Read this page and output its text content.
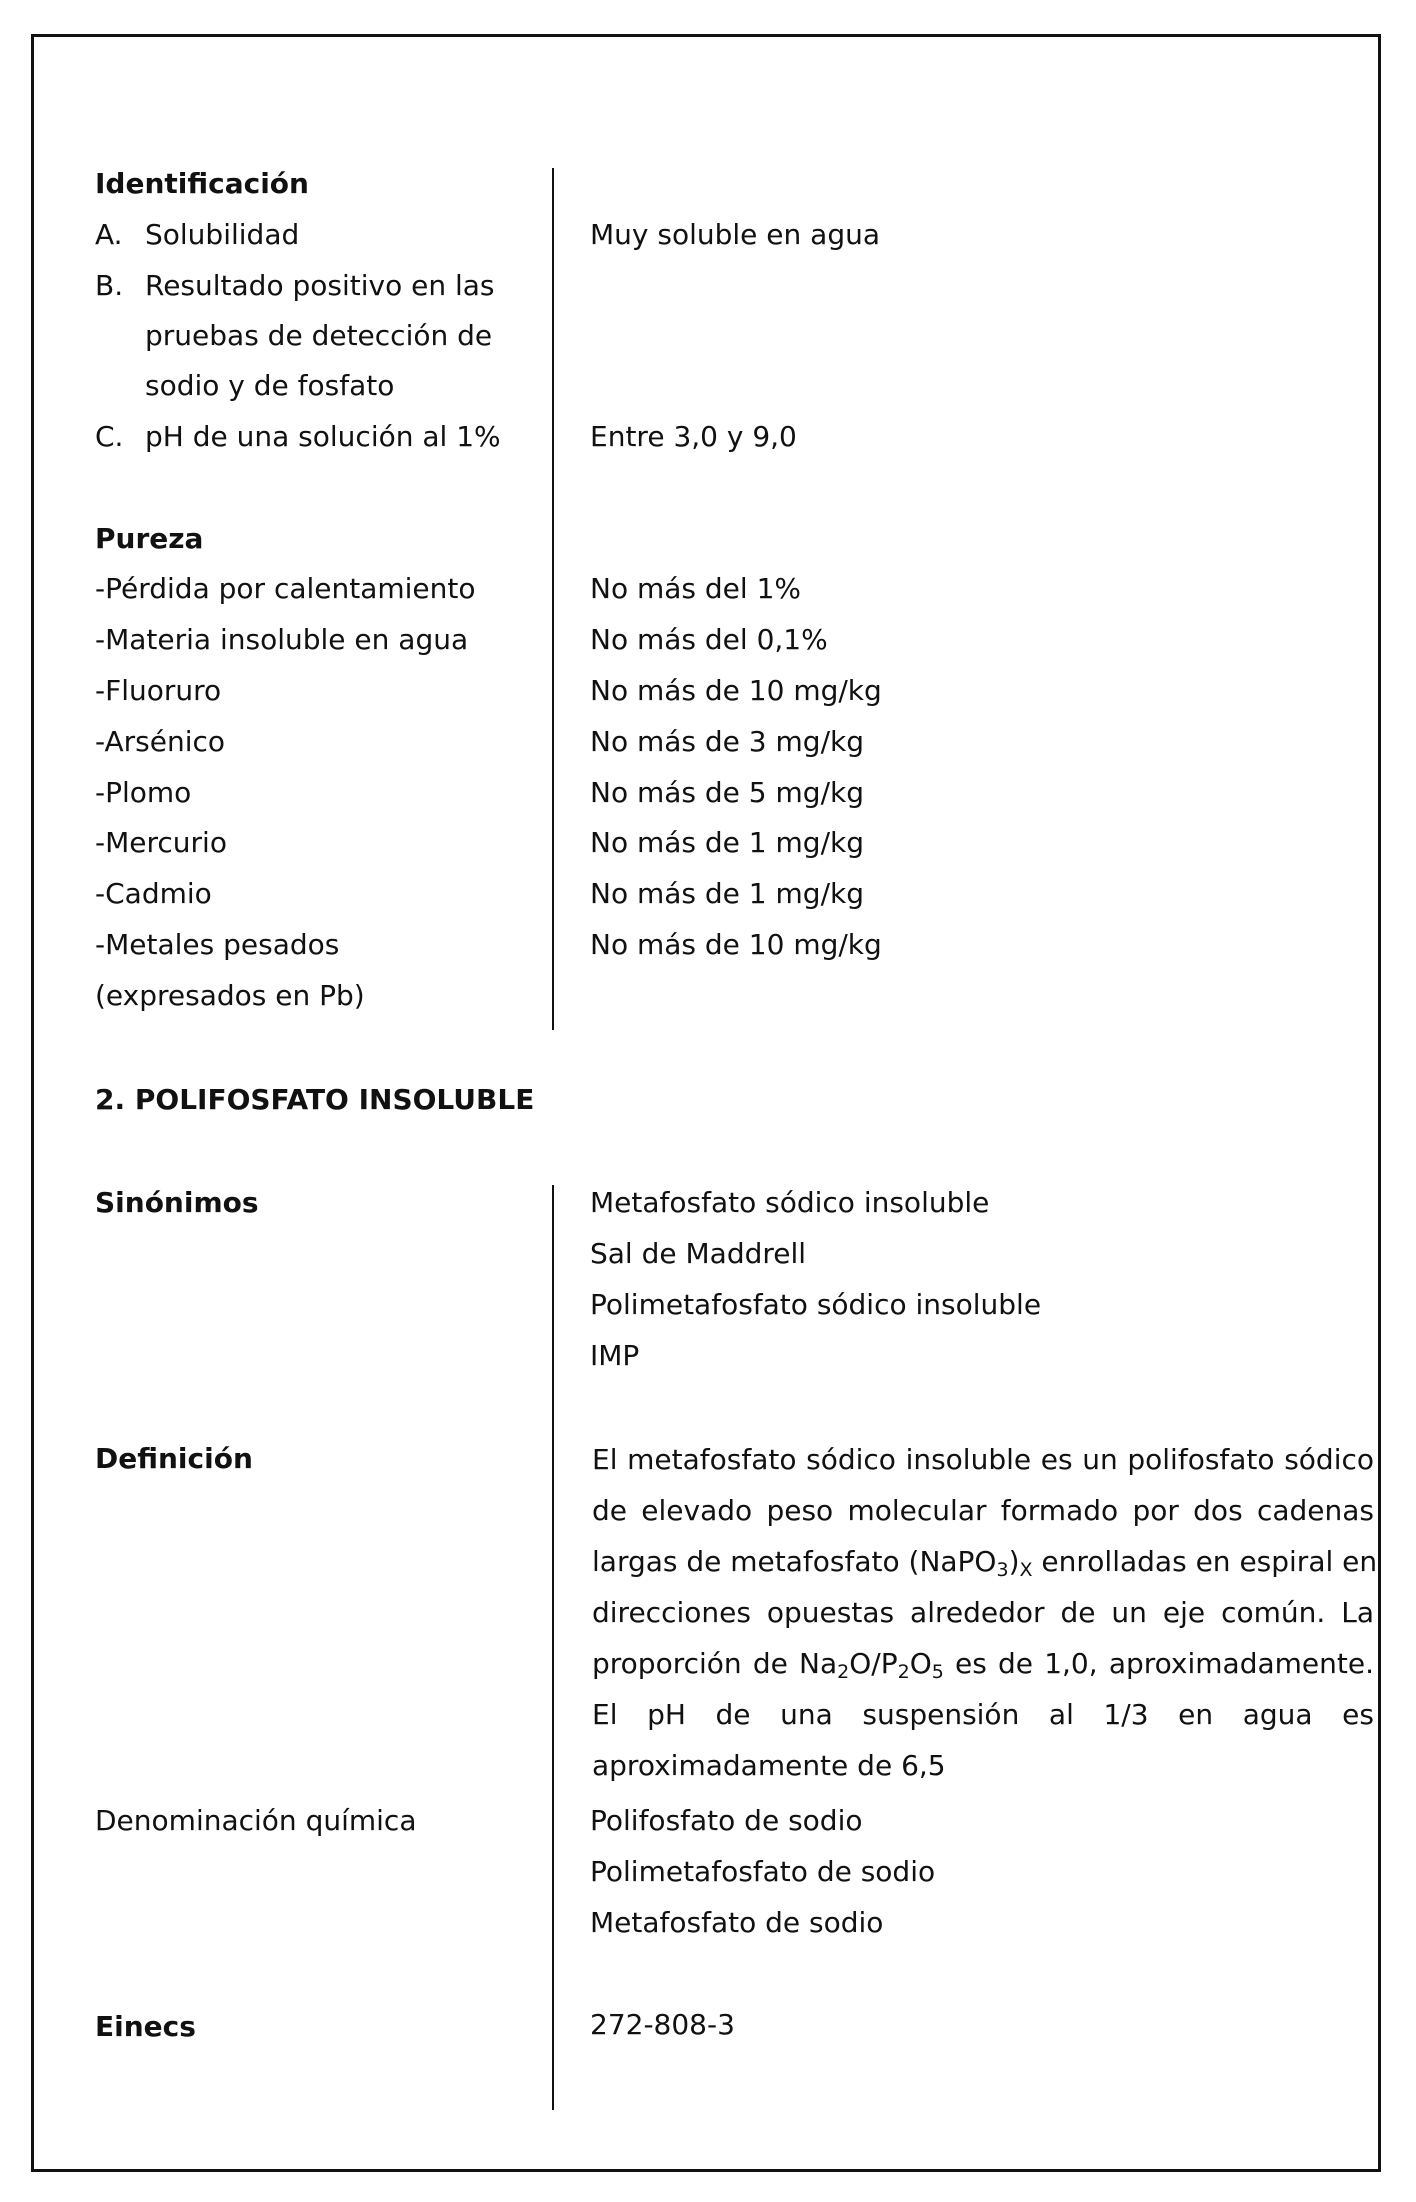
Identificación
A. Solubilidad	Muy soluble en agua
B. Resultado positivo en las
pruebas de detección de
sodio y de fosfato
C. pH de una solución al 1%	Entre 3,0 y 9,0
Pureza
-Pérdida por calentamiento	No más del 1%
-Materia insoluble en agua	No más del 0,1%
-Fluoruro	No más de 10 mg/kg
-Arsénico	No más de 3 mg/kg
-Plomo	No más de 5 mg/kg
-Mercurio	No más de 1 mg/kg
-Cadmio	No más de 1 mg/kg
-Metales pesados	No más de 10 mg/kg
(expresados en Pb)
2. POLIFOSFATO INSOLUBLE
Sinónimos	Metafosfato sódico insoluble
Sal de Maddrell
Polimetafosfato sódico insoluble
IMP
Definición	El metafosfato sódico insoluble es un polifosfato sódico
de elevado peso molecular formado por dos cadenas
largas de metafosfato $(NaPO_3)_X$ enrolladas en espiral en
direcciones opuestas alrededor de un eje común. La
proporción de $Na_2O/P_2O_5$ es de 1,0, aproximadamente.
El pH de una suspensión al 1/3 en agua es
aproximadamente de 6,5
Denominación química	Polifosfato de sodio
Polimetafosfato de sodio
Metafosfato de sodio
Einecs	272-808-3
